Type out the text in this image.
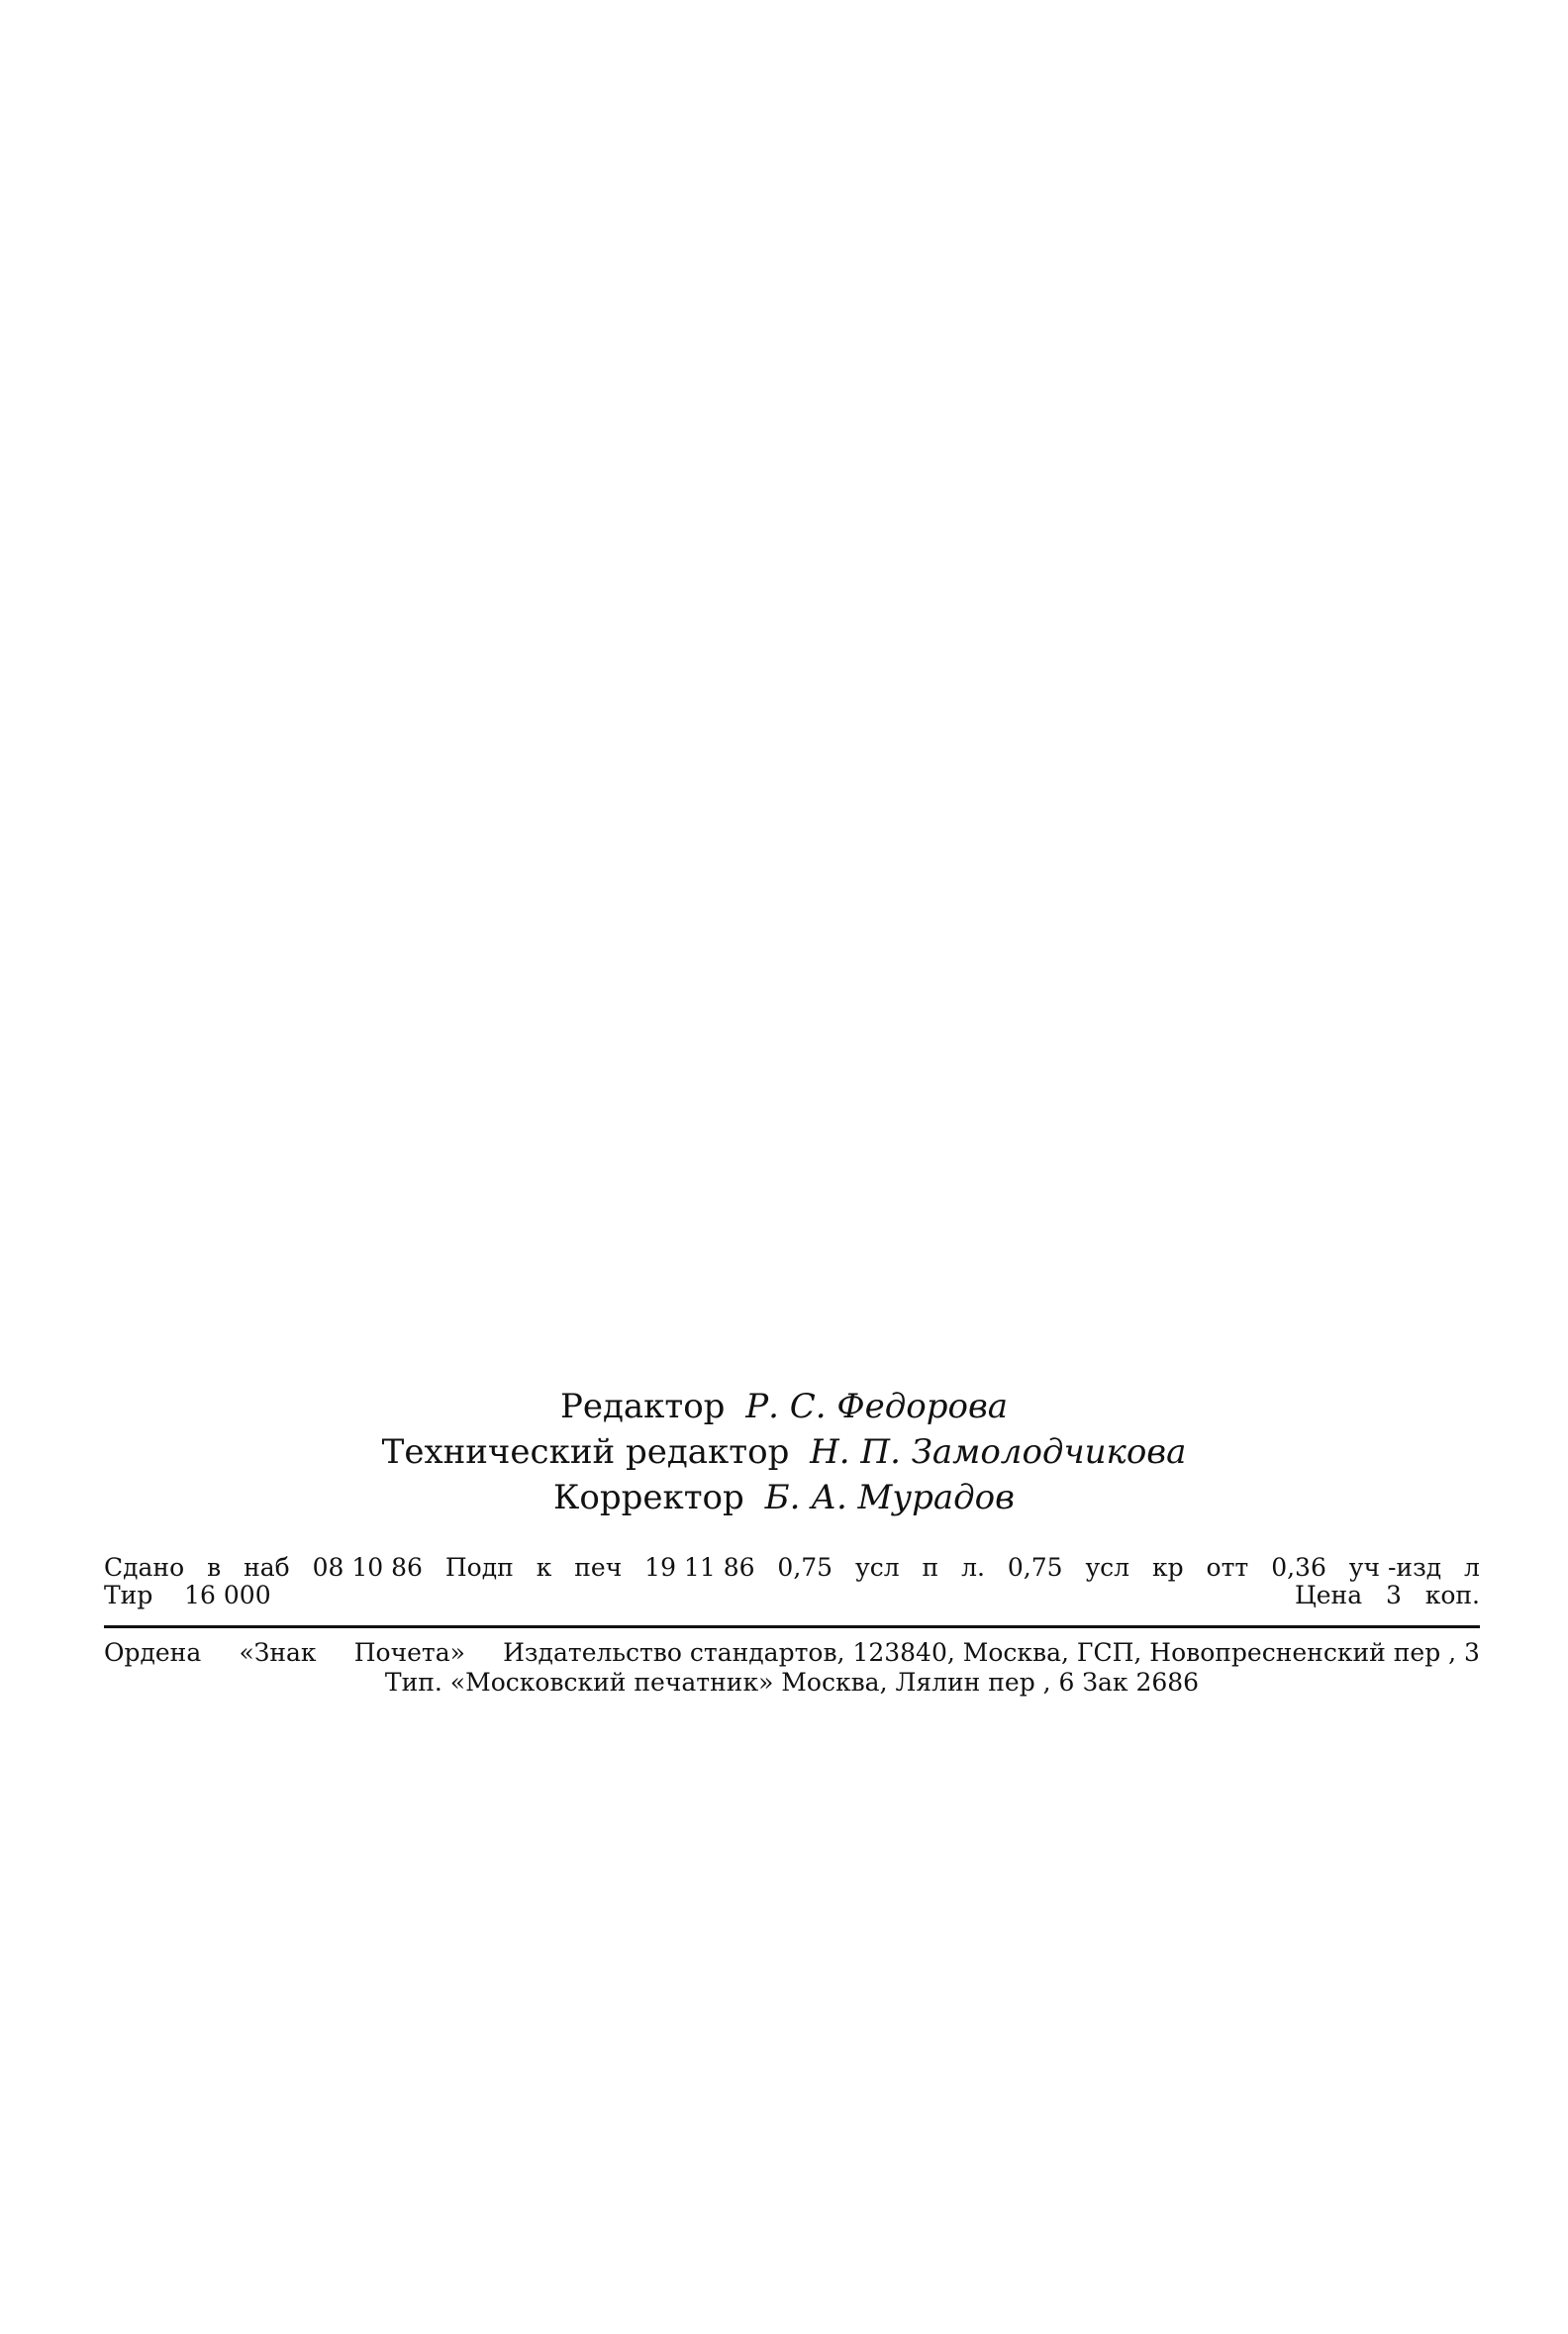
Редактор Р. С. Федорова
Технический редактор Н. П. Замолодчикова
Корректор Б. А. Мурадов
Сдано в наб 08 10 86 Подп к печ 19 11 86 0,75 усл п л. 0,75 усл кр отт 0,36 уч -изд л
Тир 16 000	Цена 3 коп.
Ордена «Знак Почета» Издательство стандартов, 123840, Москва, ГСП, Новопресненский пер , 3
Тип. «Московский печатник» Москва, Лялин пер , 6 Зак 2686
